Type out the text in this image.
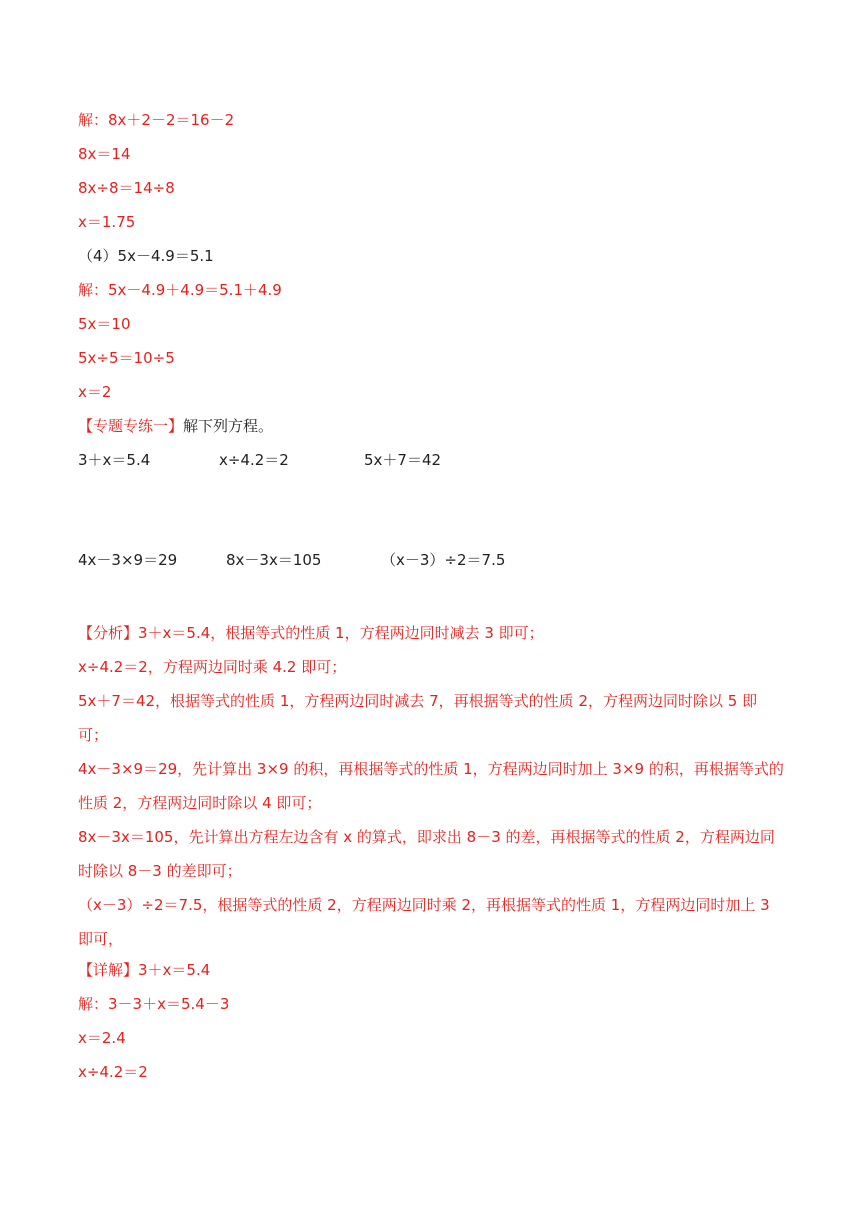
解：8x＋2－2＝16－2
8x＝14
8x÷8＝14÷8
x＝1.75
（4）5x－4.9＝5.1
解：5x－4.9＋4.9＝5.1＋4.9
5x＝10
5x÷5＝10÷5
x＝2
【专题专练一】解下列方程。
3＋x＝5.4	x÷4.2＝2	5x＋7＝42
4x－3×9＝29	8x－3x＝105	（x－3）÷2＝7.5
【分析】3＋x＝5.4，根据等式的性质 1，方程两边同时减去 3 即可；
x÷4.2＝2，方程两边同时乘 4.2 即可；
5x＋7＝42，根据等式的性质 1，方程两边同时减去 7，再根据等式的性质 2，方程两边同时除以 5 即可；
4x－3×9＝29，先计算出 3×9 的积，再根据等式的性质 1，方程两边同时加上 3×9 的积，再根据等式的性质 2，方程两边同时除以 4 即可；
8x－3x＝105，先计算出方程左边含有 x 的算式，即求出 8－3 的差，再根据等式的性质 2，方程两边同时除以 8－3 的差即可；
（x－3）÷2＝7.5，根据等式的性质 2，方程两边同时乘 2，再根据等式的性质 1，方程两边同时加上 3 即可，
【详解】3＋x＝5.4
解：3－3＋x＝5.4－3
x＝2.4
x÷4.2＝2
